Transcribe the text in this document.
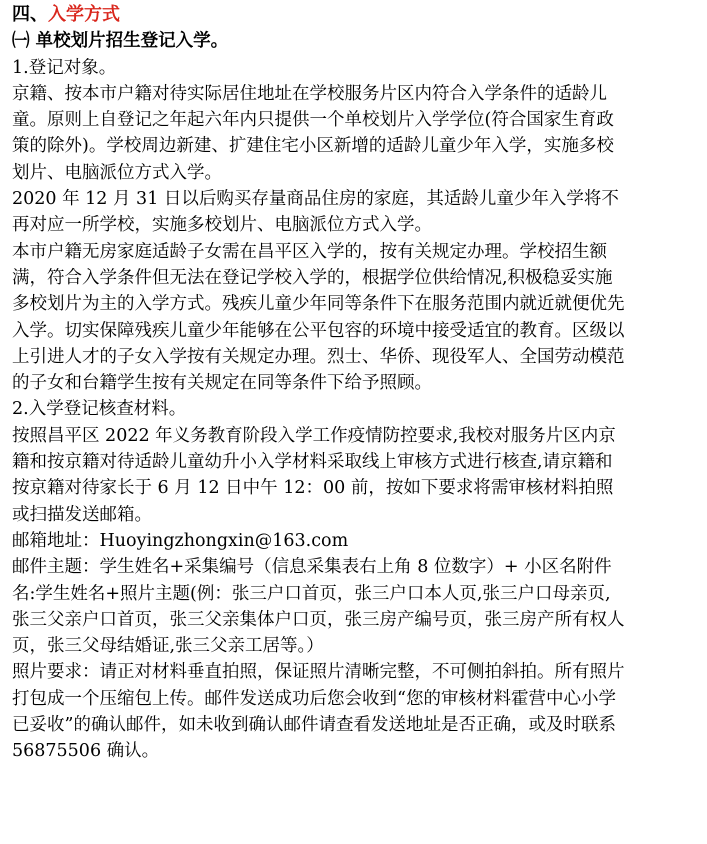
四、入学方式
㈠ 单校划片招生登记入学。
1.登记对象。
京籍、按本市户籍对待实际居住地址在学校服务片区内符合入学条件的适龄儿
童。原则上自登记之年起六年内只提供一个单校划片入学学位(符合国家生育政
策的除外)。学校周边新建、扩建住宅小区新增的适龄儿童少年入学，实施多校
划片、电脑派位方式入学。
2020 年 12 月 31 日以后购买存量商品住房的家庭，其适龄儿童少年入学将不
再对应一所学校，实施多校划片、电脑派位方式入学。
本市户籍无房家庭适龄子女需在昌平区入学的，按有关规定办理。学校招生额
满，符合入学条件但无法在登记学校入学的，根据学位供给情况,积极稳妥实施
多校划片为主的入学方式。残疾儿童少年同等条件下在服务范围内就近就便优先
入学。切实保障残疾儿童少年能够在公平包容的环境中接受适宜的教育。区级以
上引进人才的子女入学按有关规定办理。烈士、华侨、现役军人、全国劳动模范
的子女和台籍学生按有关规定在同等条件下给予照顾。
2.入学登记核查材料。
按照昌平区 2022 年义务教育阶段入学工作疫情防控要求,我校对服务片区内京
籍和按京籍对待适龄儿童幼升小入学材料采取线上审核方式进行核查,请京籍和
按京籍对待家长于 6 月 12 日中午 12：00 前，按如下要求将需审核材料拍照
或扫描发送邮箱。
邮箱地址：Huoyingzhongxin@163.com
邮件主题：学生姓名+采集编号（信息采集表右上角 8 位数字）+ 小区名附件
名:学生姓名+照片主题(例：张三户口首页，张三户口本人页,张三户口母亲页,
张三父亲户口首页，张三父亲集体户口页，张三房产编号页，张三房产所有权人
页，张三父母结婚证,张三父亲工居等。）
照片要求：请正对材料垂直拍照，保证照片清晰完整，不可侧拍斜拍。所有照片
打包成一个压缩包上传。邮件发送成功后您会收到“您的审核材料霍营中心小学
已妥收”的确认邮件，如未收到确认邮件请查看发送地址是否正确，或及时联系
56875506 确认。
